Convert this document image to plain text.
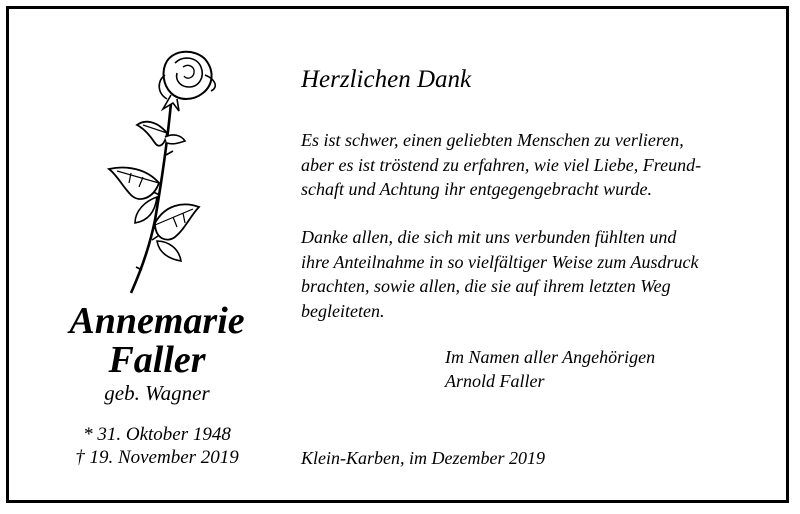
Annemarie
Faller
geb. Wagner
* 31. Oktober 1948
† 19. November 2019
Herzlichen Dank
Es ist schwer, einen geliebten Menschen zu verlieren,
aber es ist tröstend zu erfahren, wie viel Liebe, Freund-
schaft und Achtung ihr entgegengebracht wurde.
Danke allen, die sich mit uns verbunden fühlten und
ihre Anteilnahme in so vielfältiger Weise zum Ausdruck
brachten, sowie allen, die sie auf ihrem letzten Weg
begleiteten.
Im Namen aller Angehörigen
Arnold Faller
Klein-Karben, im Dezember 2019
